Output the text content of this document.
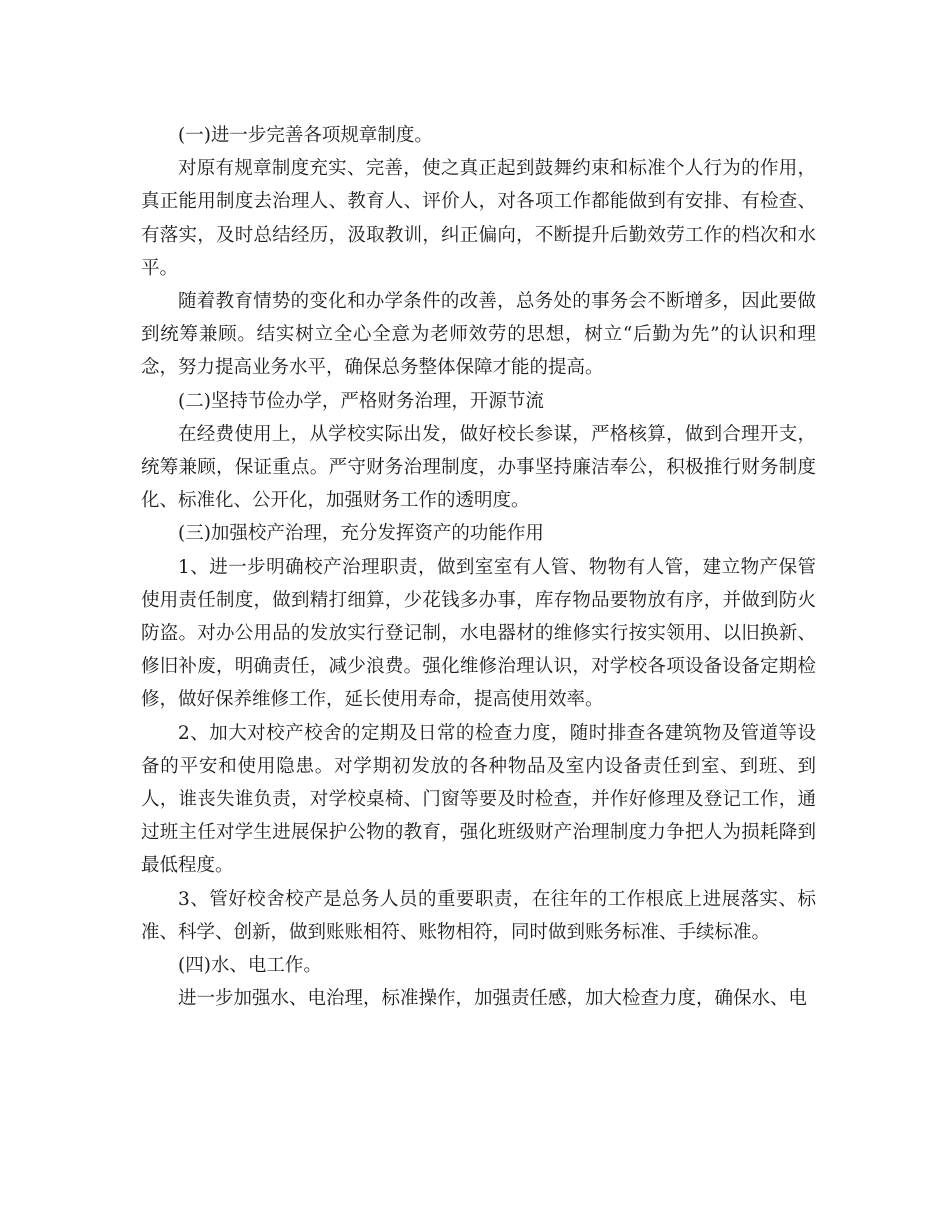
(一)进一步完善各项规章制度。

对原有规章制度充实、完善，使之真正起到鼓舞约束和标准个人行为的作用，真正能用制度去治理人、教育人、评价人，对各项工作都能做到有安排、有检查、有落实，及时总结经历，汲取教训，纠正偏向，不断提升后勤效劳工作的档次和水平。

随着教育情势的变化和办学条件的改善，总务处的事务会不断增多，因此要做到统筹兼顾。结实树立全心全意为老师效劳的思想，树立“后勤为先”的认识和理念，努力提高业务水平，确保总务整体保障才能的提高。

(二)坚持节俭办学，严格财务治理，开源节流

在经费使用上，从学校实际出发，做好校长参谋，严格核算，做到合理开支，统筹兼顾，保证重点。严守财务治理制度，办事坚持廉洁奉公，积极推行财务制度化、标准化、公开化，加强财务工作的透明度。

(三)加强校产治理，充分发挥资产的功能作用

1、进一步明确校产治理职责，做到室室有人管、物物有人管，建立物产保管使用责任制度，做到精打细算，少花钱多办事，库存物品要物放有序，并做到防火防盗。对办公用品的发放实行登记制，水电器材的维修实行按实领用、以旧换新、修旧补废，明确责任，减少浪费。强化维修治理认识，对学校各项设备设备定期检修，做好保养维修工作，延长使用寿命，提高使用效率。

2、加大对校产校舍的定期及日常的检查力度，随时排查各建筑物及管道等设备的平安和使用隐患。对学期初发放的各种物品及室内设备责任到室、到班、到人，谁丧失谁负责，对学校桌椅、门窗等要及时检查，并作好修理及登记工作，通过班主任对学生进展保护公物的教育，强化班级财产治理制度力争把人为损耗降到最低程度。

3、管好校舍校产是总务人员的重要职责，在往年的工作根底上进展落实、标准、科学、创新，做到账账相符、账物相符，同时做到账务标准、手续标准。

(四)水、电工作。

进一步加强水、电治理，标准操作，加强责任感，加大检查力度，确保水、电
